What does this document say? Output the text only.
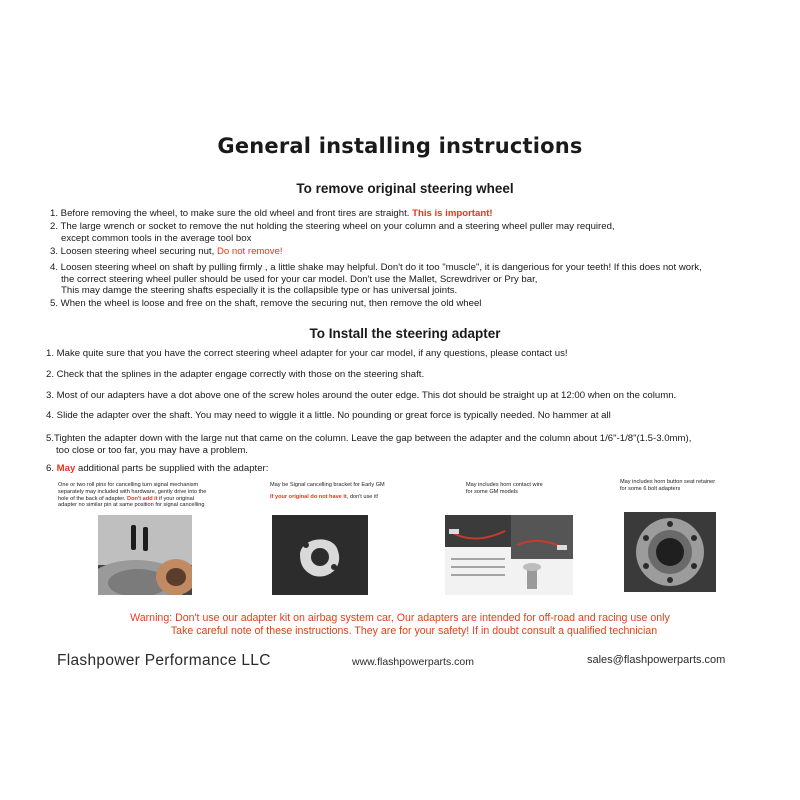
General installing instructions
To remove original steering wheel
1. Before removing the wheel, to make sure the old wheel and front tires are straight. This is important!
2. The large wrench or socket to remove the nut holding the steering wheel on your column and a steering wheel puller may required,
except common tools in the average tool box
3. Loosen steering wheel securing nut, Do not remove!
4. Loosen steering wheel on shaft by pulling firmly , a little shake may helpful. Don't do it too "muscle", it is dangerious for your teeth! If this does not work,
the correct steering wheel puller should be used for your car model. Don't use the Mallet, Screwdriver or Pry bar,
This may damge the steering shafts especially it is the collapsible type or has universal joints.
5. When the wheel is loose and free on the shaft, remove the securing nut, then remove the old wheel
To Install the steering adapter
1. Make quite sure that you have the correct steering wheel adapter for your car model, if any questions, please contact us!
2. Check that the splines in the adapter engage correctly with those on the steering shaft.
3. Most of our adapters have a dot above one of the screw holes around the outer edge. This dot should be straight up at 12:00 when on the column.
4. Slide the adapter over the shaft. You may need to wiggle it a little. No pounding or great force is typically needed. No hammer at all
5.Tighten the adapter down with the large nut that came on the column. Leave the gap between the adapter and the column about 1/6"-1/8"(1.5-3.0mm),
too close or too far, you may have a problem.
6. May additional parts be supplied with the adapter:
One or two roll pins for cancelling turn signal mechanism
separately may included with hardware, gently drive into the
hole of the back of adapter. Don't add it if your original
adapter no similar pin at same position for signal cancelling
May be Signal cancelling bracket for Early GM
If your original do not have it, don't use it!
May includes horn contact wire
for some GM models
May includes horn button seat retainer
for some 6 bolt adapters
Warning: Don't use our adapter kit on airbag system car, Our adapters are intended for off-road and racing use only
Take careful note of these instructions. They are for your safety! If in doubt consult a qualified technician
Flashpower Performance LLC	www.flashpowerparts.com	sales@flashpowerparts.com
